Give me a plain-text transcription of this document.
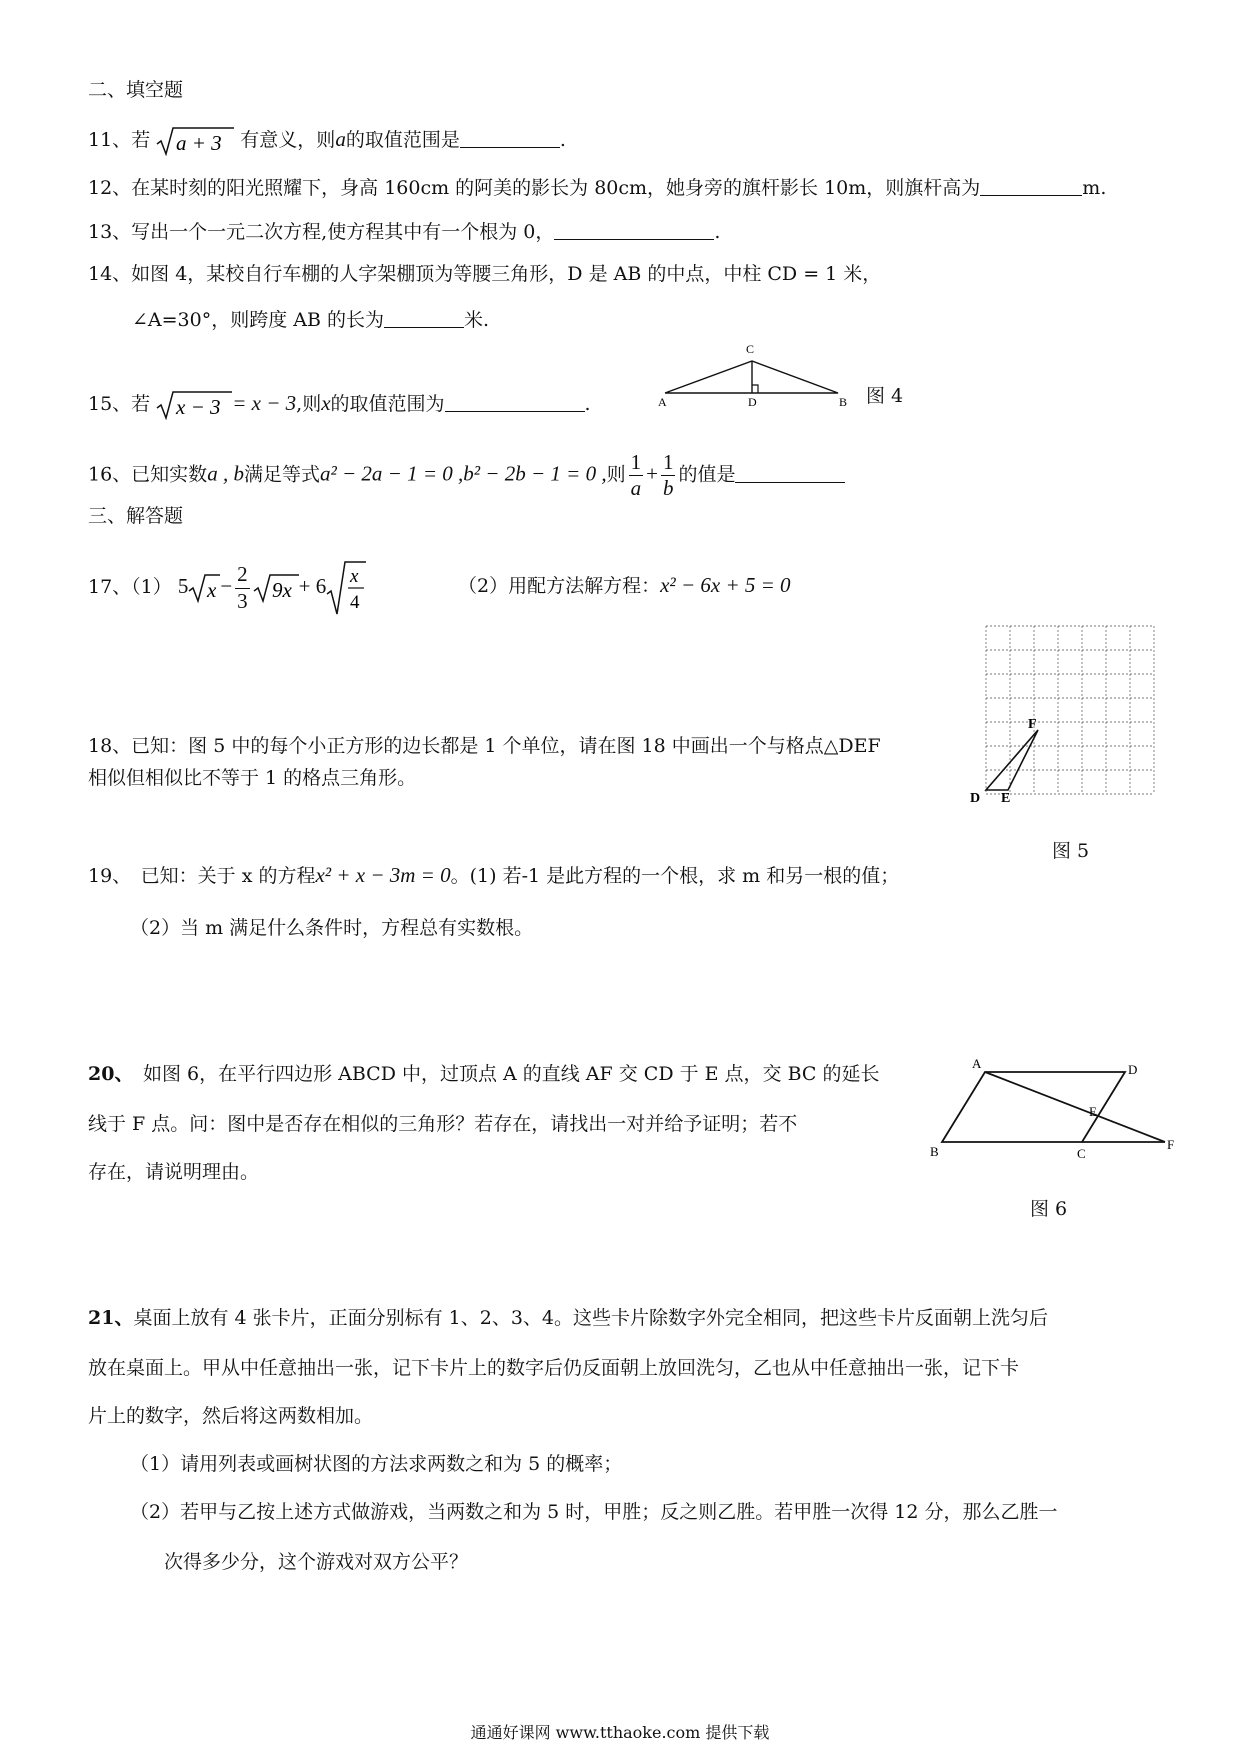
二、填空题
11、若 a + 3 有意义，则a的取值范围是	.
12、在某时刻的阳光照耀下，身高 160cm 的阿美的影长为 80cm，她身旁的旗杆影长 10m，则旗杆高为	m.
13、写出一个一元二次方程,使方程其中有一个根为 0，	.
14、如图 4，某校自行车棚的人字架棚顶为等腰三角形，D 是 AB 的中点，中柱 CD = 1 米，
∠A=30°，则跨度 AB 的长为	米.
C
A	D	B 图 4
15、若 x − 3 = x − 3,则x的取值范围为	.
16、已知实数a , b满足等式a² − 2a − 1 = 0 ,b² − 2b − 1 = 0 ,则 $\frac{1}{a} + \frac{1}{b}$ 的值是
三、解答题
17、（1） 5 $x - \frac{2}{3} 9x + 6$ x
4
（2）用配方法解方程：x² − 6x + 5 = 0
F
D E
图 5
18、已知：图 5 中的每个小正方形的边长都是 1 个单位，请在图 18 中画出一个与格点△DEF
相似但相似比不等于 1 的格点三角形。
19、　已知：关于 x 的方程x² + x − 3m = 0。(1) 若-1 是此方程的一个根，求 m 和另一根的值；
（2）当 m 满足什么条件时，方程总有实数根。
20、　如图 6，在平行四边形 ABCD 中，过顶点 A 的直线 AF 交 CD 于 E 点，交 BC 的延长
线于 F 点。问：图中是否存在相似的三角形？若存在，请找出一对并给予证明；若不
存在，请说明理由。
A	D
E
B	C
F
图 6
21、桌面上放有 4 张卡片，正面分别标有 1、2、3、4。这些卡片除数字外完全相同，把这些卡片反面朝上洗匀后
放在桌面上。甲从中任意抽出一张，记下卡片上的数字后仍反面朝上放回洗匀，乙也从中任意抽出一张，记下卡
片上的数字，然后将这两数相加。
（1）请用列表或画树状图的方法求两数之和为 5 的概率；
（2）若甲与乙按上述方式做游戏，当两数之和为 5 时，甲胜；反之则乙胜。若甲胜一次得 12 分，那么乙胜一
次得多少分，这个游戏对双方公平？
通通好课网 www.tthaoke.com 提供下载
